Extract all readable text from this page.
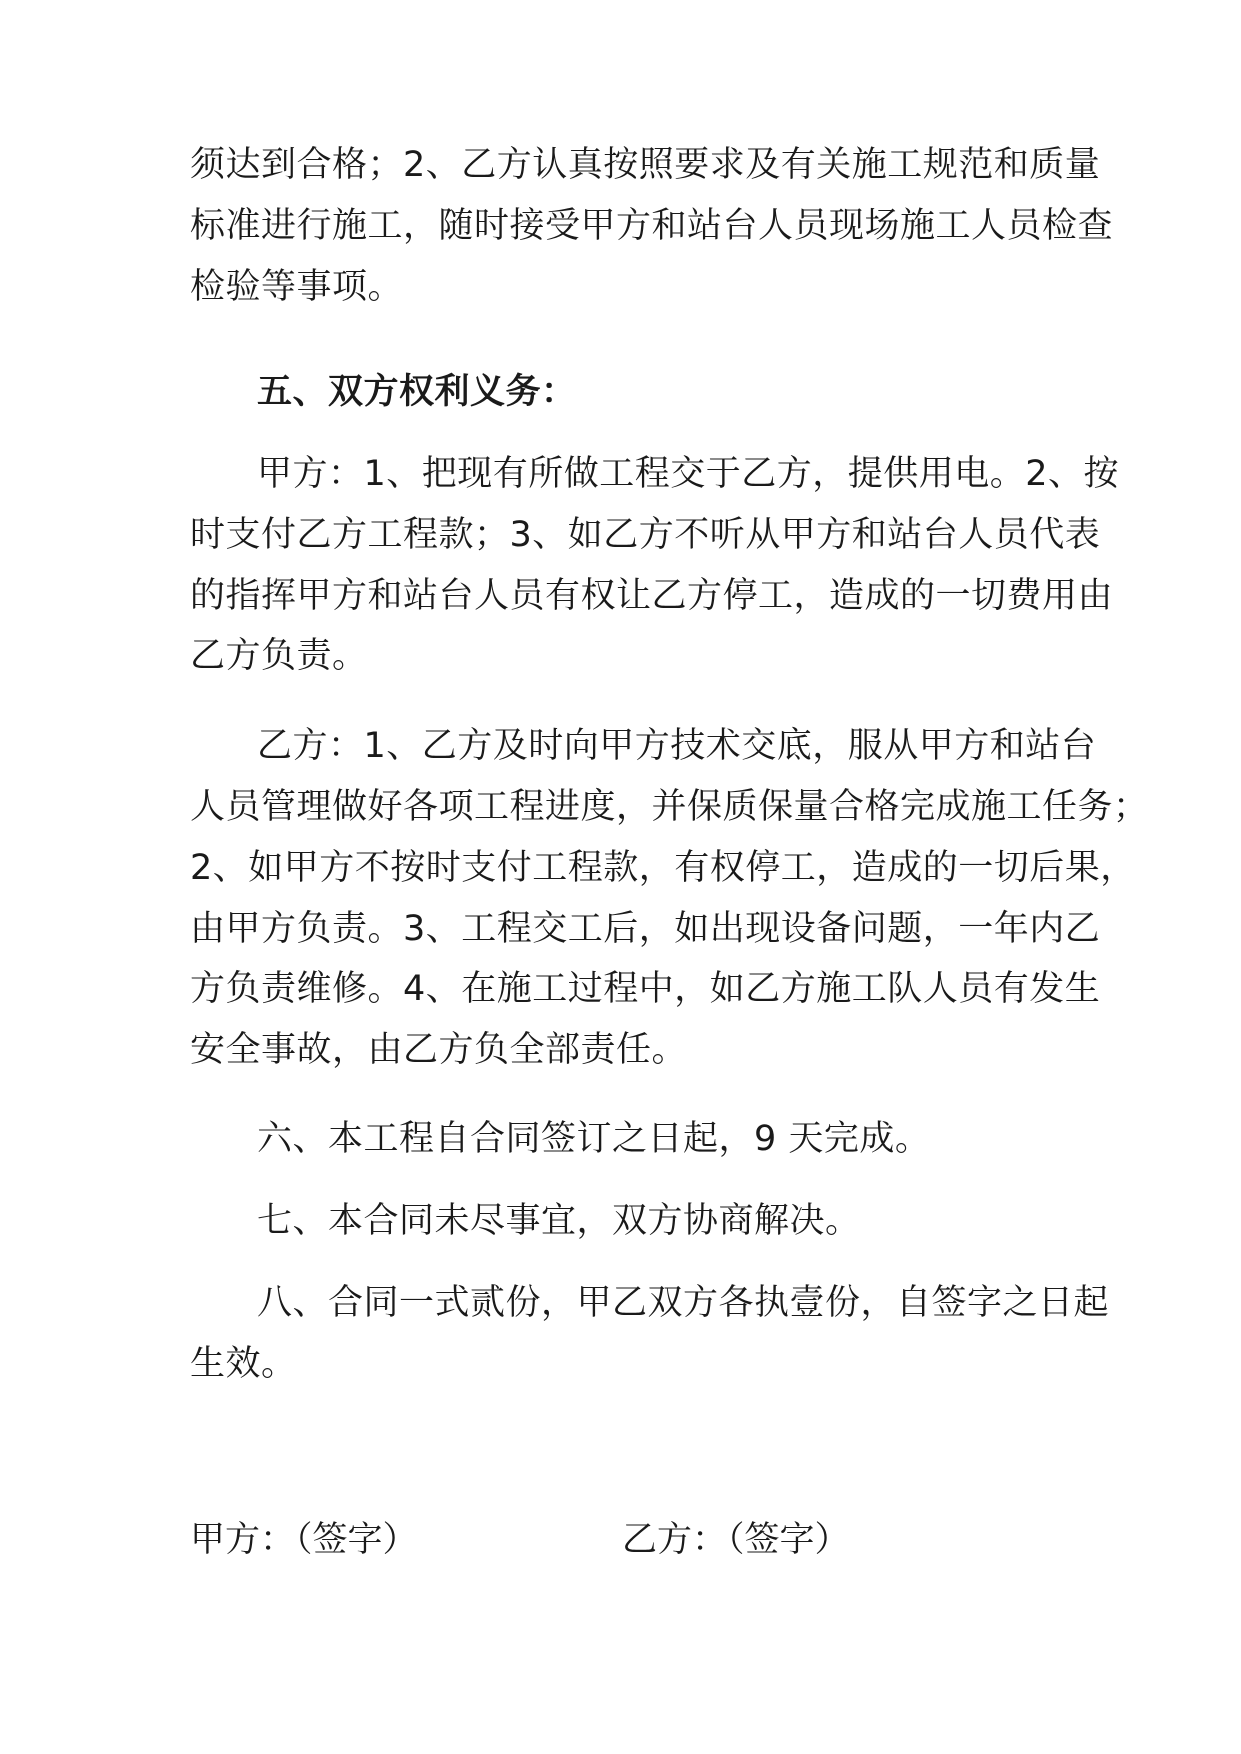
须达到合格；2、乙方认真按照要求及有关施工规范和质量
标准进行施工，随时接受甲方和站台人员现场施工人员检查
检验等事项。
五、双方权利义务：
甲方：1、把现有所做工程交于乙方，提供用电。2、按
时支付乙方工程款；3、如乙方不听从甲方和站台人员代表
的指挥甲方和站台人员有权让乙方停工，造成的一切费用由
乙方负责。
乙方：1、乙方及时向甲方技术交底，服从甲方和站台
人员管理做好各项工程进度，并保质保量合格完成施工任务；
2、如甲方不按时支付工程款，有权停工，造成的一切后果，
由甲方负责。3、工程交工后，如出现设备问题，一年内乙
方负责维修。4、在施工过程中，如乙方施工队人员有发生
安全事故，由乙方负全部责任。
六、本工程自合同签订之日起，9 天完成。
七、本合同未尽事宜，双方协商解决。
八、合同一式贰份，甲乙双方各执壹份，自签字之日起
生效。
甲方：（签字）	乙方：（签字）
